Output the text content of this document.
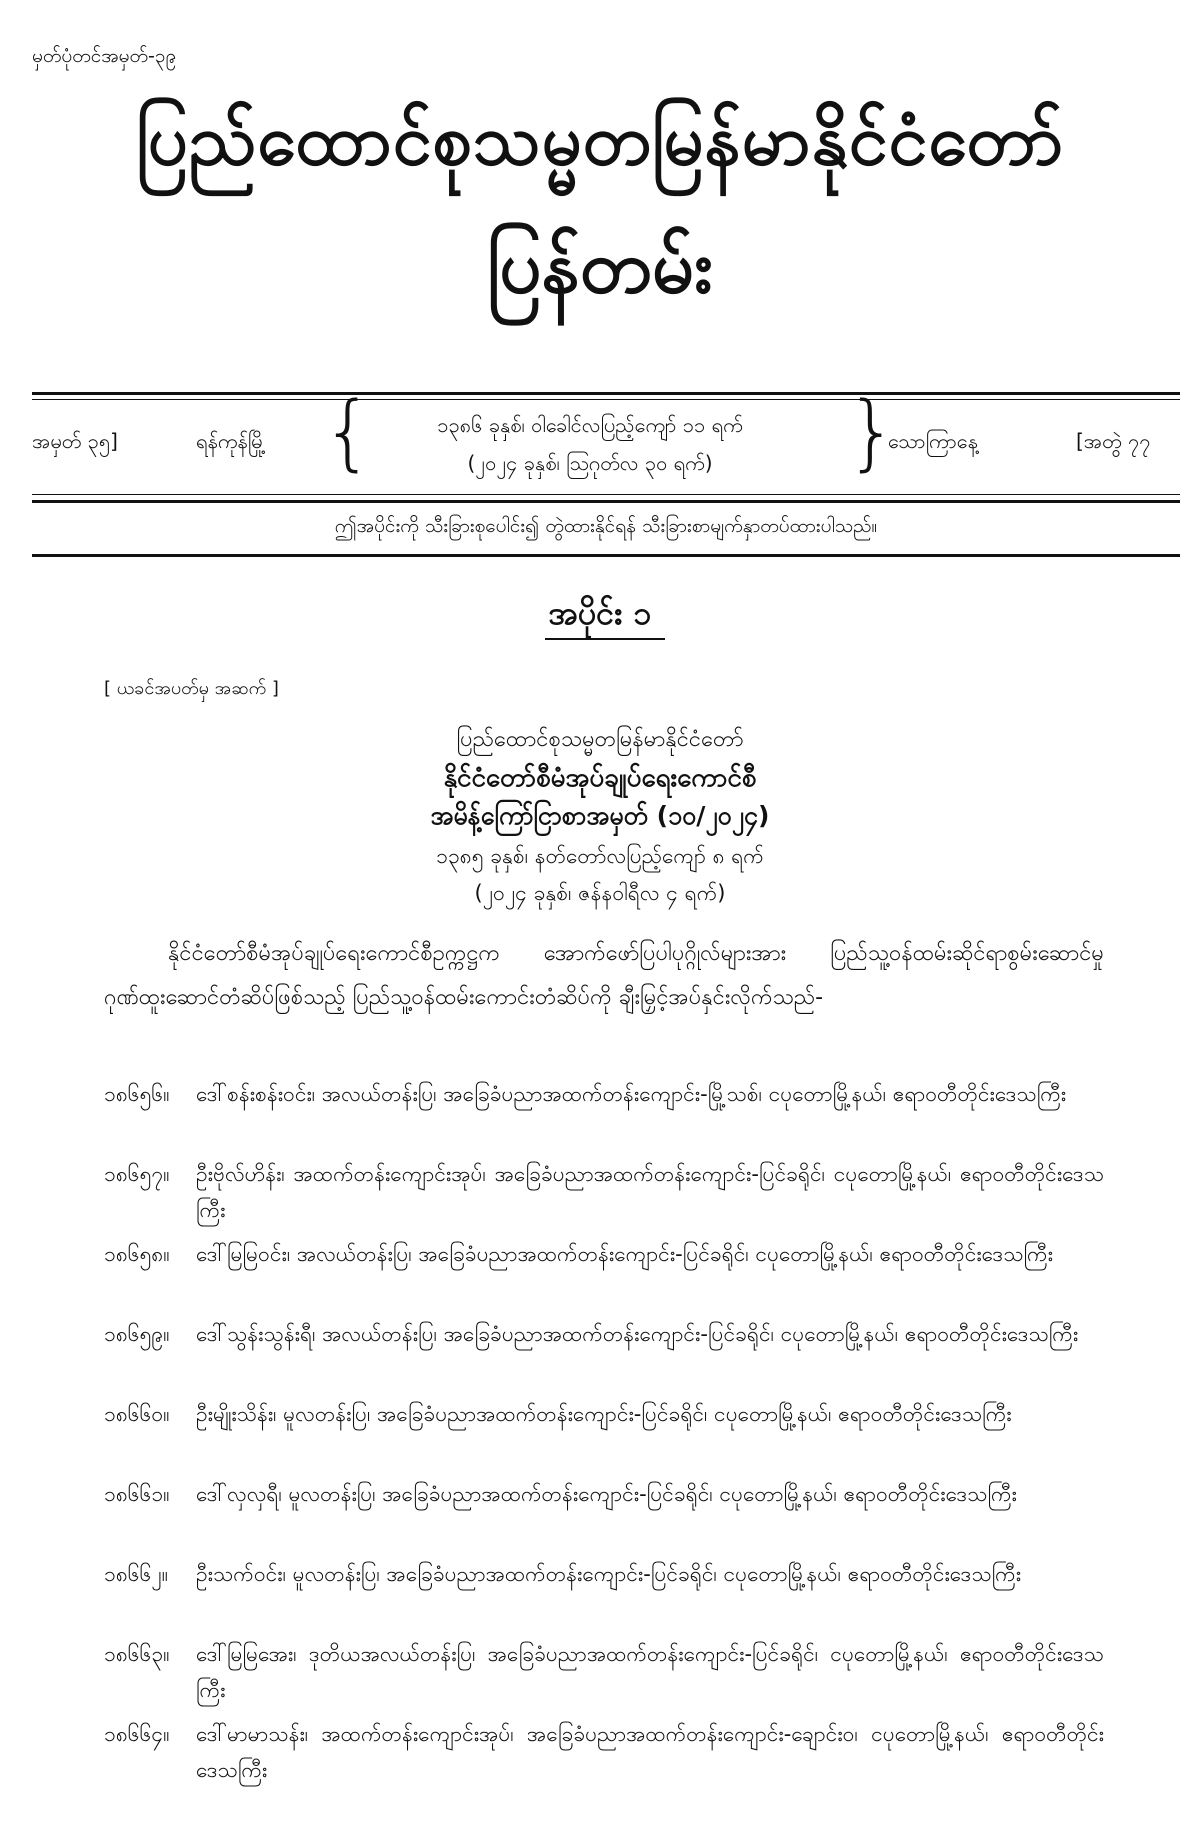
မှတ်ပုံတင်အမှတ်-၃၉
ပြည်ထောင်စုသမ္မတမြန်မာနိုင်ငံတော်
ပြန်တမ်း
အမှတ် ၃၅]	ရန်ကုန်မြို့ {	၁၃၈၆ ခုနှစ်၊ ဝါခေါင်လပြည့်ကျော် ၁၁ ရက်
(၂၀၂၄ ခုနှစ်၊ ဩဂုတ်လ ၃၀ ရက်)	}
သောကြာနေ့	[အတွဲ ၇၇
ဤအပိုင်းကို သီးခြားစုပေါင်း၍ တွဲထားနိုင်ရန် သီးခြားစာမျက်နှာတပ်ထားပါသည်။
အပိုင်း ၁
[ ယခင်အပတ်မှ အဆက် ]
ပြည်ထောင်စုသမ္မတမြန်မာနိုင်ငံတော်
နိုင်ငံတော်စီမံအုပ်ချုပ်ရေးကောင်စီ
အမိန့်ကြော်ငြာစာအမှတ် (၁၀/၂၀၂၄)
၁၃၈၅ ခုနှစ်၊ နတ်တော်လပြည့်ကျော် ၈ ရက်
(၂၀၂၄ ခုနှစ်၊ ဇန်နဝါရီလ ၄ ရက်)
နိုင်ငံတော်စီမံအုပ်ချုပ်ရေးကောင်စီဥက္ကဋ္ဌက အောက်ဖော်ပြပါပုဂ္ဂိုလ်များအား ပြည်သူ့ဝန်ထမ်းဆိုင်ရာစွမ်းဆောင်မှု ဂုဏ်ထူးဆောင်တံဆိပ်ဖြစ်သည့် ပြည်သူ့ဝန်ထမ်းကောင်းတံဆိပ်ကို ချီးမြှင့်အပ်နှင်းလိုက်သည်-
၁၈၆၅၆။	ဒေါ်စန်းစန်းဝင်း၊ အလယ်တန်းပြ၊ အခြေခံပညာအထက်တန်းကျောင်း-မြို့သစ်၊ ငပုတောမြို့နယ်၊ ဧရာဝတီတိုင်းဒေသကြီး
၁၈၆၅၇။	ဦးဗိုလ်ဟိန်း၊ အထက်တန်းကျောင်းအုပ်၊ အခြေခံပညာအထက်တန်းကျောင်း-ပြင်ခရိုင်၊ ငပုတောမြို့နယ်၊ ဧရာဝတီတိုင်းဒေသကြီး
၁၈၆၅၈။	ဒေါ်မြမြဝင်း၊ အလယ်တန်းပြ၊ အခြေခံပညာအထက်တန်းကျောင်း-ပြင်ခရိုင်၊ ငပုတောမြို့နယ်၊ ဧရာဝတီတိုင်းဒေသကြီး
၁၈၆၅၉။	ဒေါ်သွန်းသွန်းရီ၊ အလယ်တန်းပြ၊ အခြေခံပညာအထက်တန်းကျောင်း-ပြင်ခရိုင်၊ ငပုတောမြို့နယ်၊ ဧရာဝတီတိုင်းဒေသကြီး
၁၈၆၆၀။	ဦးမျိုးသိန်း၊ မူလတန်းပြ၊ အခြေခံပညာအထက်တန်းကျောင်း-ပြင်ခရိုင်၊ ငပုတောမြို့နယ်၊ ဧရာဝတီတိုင်းဒေသကြီး
၁၈၆၆၁။	ဒေါ်လှလှရီ၊ မူလတန်းပြ၊ အခြေခံပညာအထက်တန်းကျောင်း-ပြင်ခရိုင်၊ ငပုတောမြို့နယ်၊ ဧရာဝတီတိုင်းဒေသကြီး
၁၈၆၆၂။	ဦးသက်ဝင်း၊ မူလတန်းပြ၊ အခြေခံပညာအထက်တန်းကျောင်း-ပြင်ခရိုင်၊ ငပုတောမြို့နယ်၊ ဧရာဝတီတိုင်းဒေသကြီး
၁၈၆၆၃။	ဒေါ်မြမြအေး၊ ဒုတိယအလယ်တန်းပြ၊ အခြေခံပညာအထက်တန်းကျောင်း-ပြင်ခရိုင်၊ ငပုတောမြို့နယ်၊ ဧရာဝတီတိုင်းဒေသကြီး
၁၈၆၆၄။	ဒေါ်မာမာသန်း၊ အထက်တန်းကျောင်းအုပ်၊ အခြေခံပညာအထက်တန်းကျောင်း-ချောင်းဝ၊ ငပုတောမြို့နယ်၊ ဧရာဝတီတိုင်းဒေသကြီး
